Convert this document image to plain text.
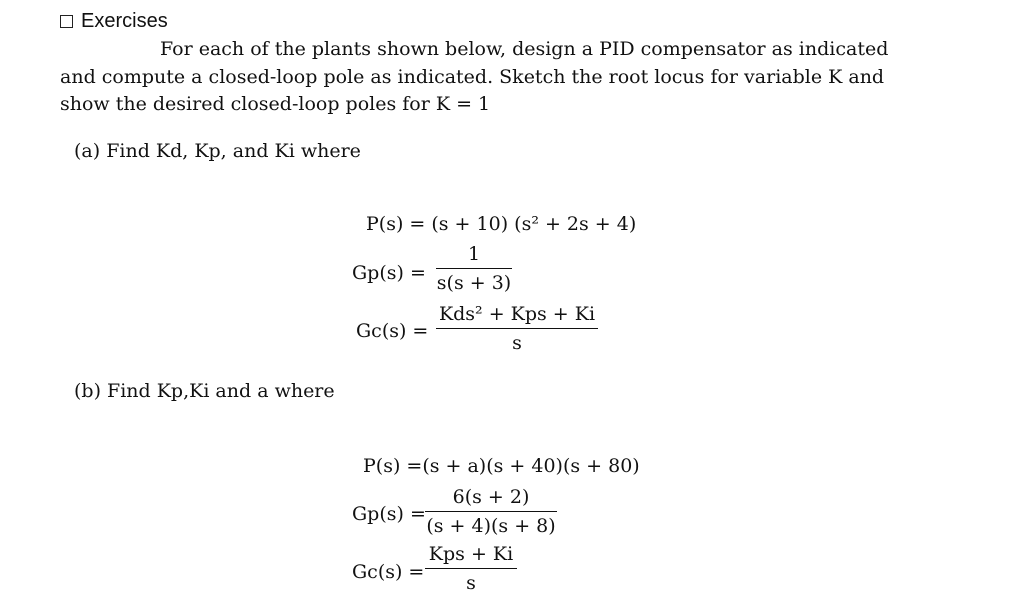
Exercises
For each of the plants shown below, design a PID compensator as indicated
and compute a closed-loop pole as indicated. Sketch the root locus for variable K and
show the desired closed-loop poles for K = 1
(a) Find Kd, Kp, and Ki where
P(s) = (s + 10) (s² + 2s + 4)
Gp(s) =
1
s(s + 3)
Gc(s) =
Kds² + Kps + Ki
s
(b) Find Kp,Ki and a where
P(s) =(s + a)(s + 40)(s + 80)
Gp(s) =
6(s + 2)
(s + 4)(s + 8)
Gc(s) =
Kps + Ki
s
